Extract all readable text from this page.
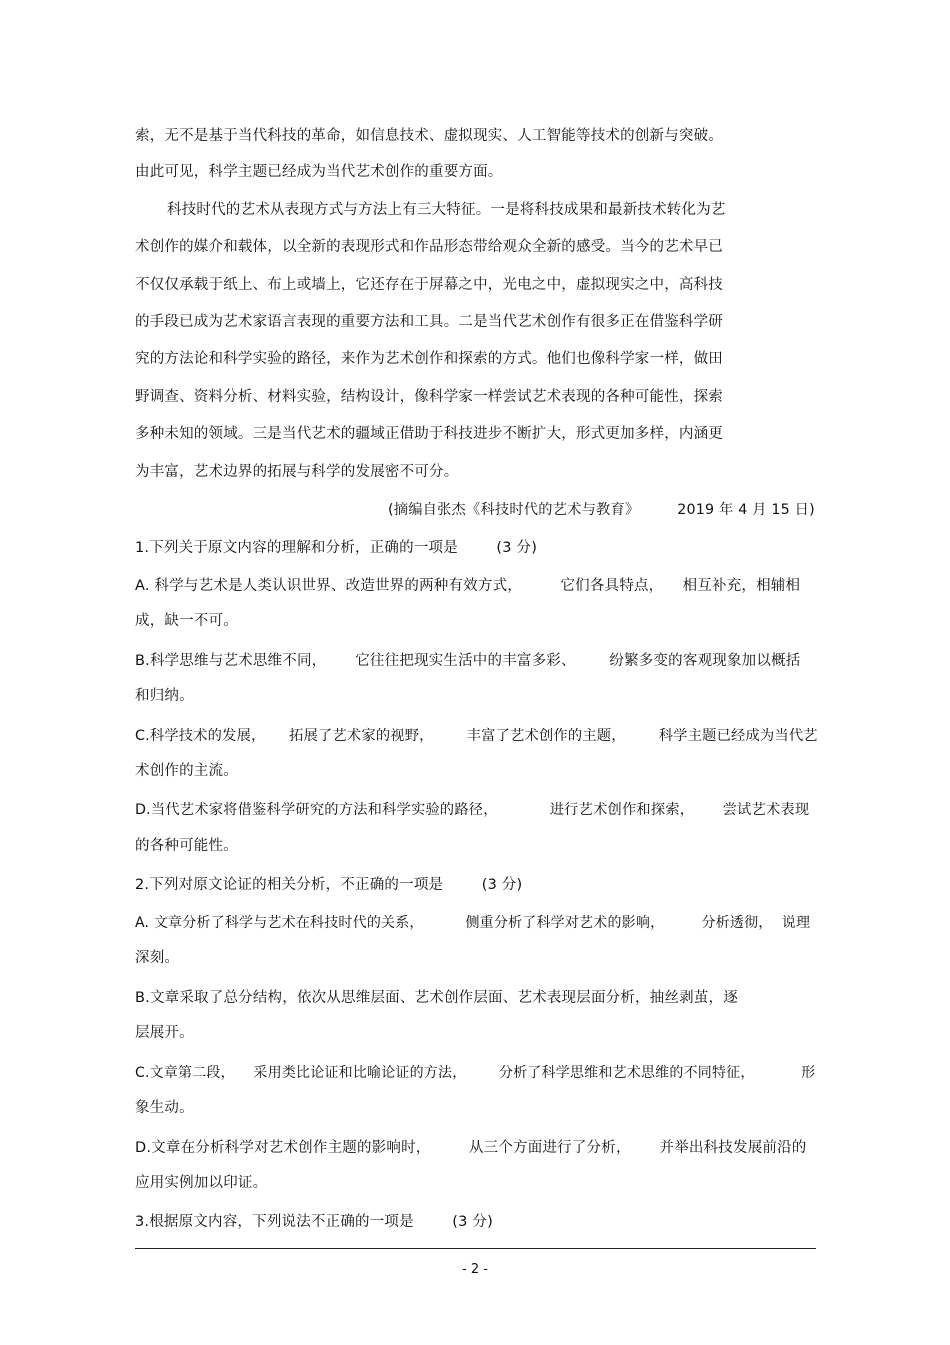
索，无不是基于当代科技的革命，如信息技术、虚拟现实、人工智能等技术的创新与突破。
由此可见，科学主题已经成为当代艺术创作的重要方面。
科技时代的艺术从表现方式与方法上有三大特征。一是将科技成果和最新技术转化为艺
术创作的媒介和载体，以全新的表现形式和作品形态带给观众全新的感受。当今的艺术早已
不仅仅承载于纸上、布上或墙上，它还存在于屏幕之中，光电之中，虚拟现实之中，高科技
的手段已成为艺术家语言表现的重要方法和工具。二是当代艺术创作有很多正在借鉴科学研
究的方法论和科学实验的路径，来作为艺术创作和探索的方式。他们也像科学家一样，做田
野调查、资料分析、材料实验，结构设计，像科学家一样尝试艺术表现的各种可能性，探索
多种未知的领域。三是当代艺术的疆域正借助于科技进步不断扩大，形式更加多样，内涵更
为丰富，艺术边界的拓展与科学的发展密不可分。
(摘编自张杰《科技时代的艺术与教育》        2019 年 4 月 15 日)
1.下列关于原文内容的理解和分析，正确的一项是        (3 分)
A. 科学与艺术是人类认识世界、改造世界的两种有效方式，        它们各具特点，    相互补充，相辅相
成，缺一不可。
B.科学思维与艺术思维不同，      它往往把现实生活中的丰富多彩、       纷繁多变的客观现象加以概括
和归纳。
C.科学技术的发展，     拓展了艺术家的视野，       丰富了艺术创作的主题，       科学主题已经成为当代艺
术创作的主流。
D.当代艺术家将借鉴科学研究的方法和科学实验的路径，           进行艺术创作和探索，      尝试艺术表现
的各种可能性。
2.下列对原文论证的相关分析，不正确的一项是        (3 分)
A. 文章分析了科学与艺术在科技时代的关系，         侧重分析了科学对艺术的影响，        分析透彻，  说理
深刻。
B.文章采取了总分结构，依次从思维层面、艺术创作层面、艺术表现层面分析，抽丝剥茧，逐
层展开。
C.文章第二段，    采用类比论证和比喻论证的方法，       分析了科学思维和艺术思维的不同特征，          形
象生动。
D.文章在分析科学对艺术创作主题的影响时，        从三个方面进行了分析，      并举出科技发展前沿的
应用实例加以印证。
3.根据原文内容，下列说法不正确的一项是        (3 分)
- 2 -
